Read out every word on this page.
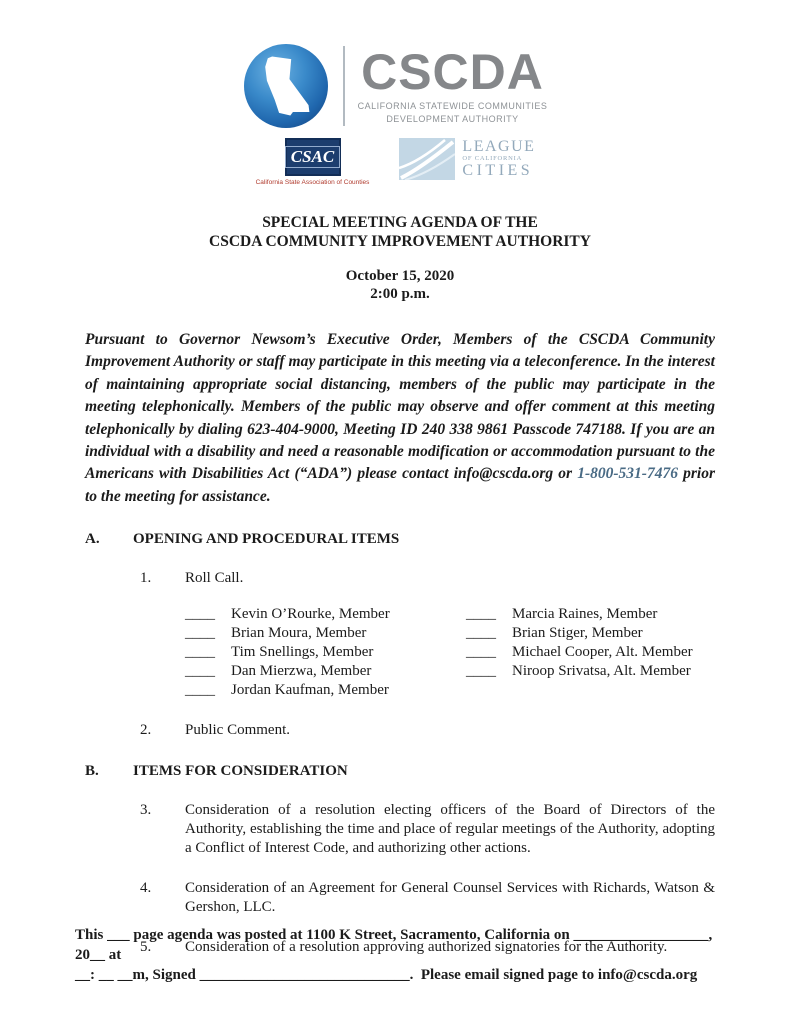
CSCDA
CALIFORNIA STATEWIDE COMMUNITIES
DEVELOPMENT AUTHORITY
CSAC
California State Association of Counties
LEAGUE
OF CALIFORNIA
CITIES
SPECIAL MEETING AGENDA OF THE
CSCDA COMMUNITY IMPROVEMENT AUTHORITY
October 15, 2020
2:00 p.m.
Pursuant to Governor Newsom’s Executive Order, Members of the CSCDA Community Improvement Authority or staff may participate in this meeting via a teleconference. In the interest of maintaining appropriate social distancing, members of the public may participate in the meeting telephonically. Members of the public may observe and offer comment at this meeting telephonically by dialing 623-404-9000, Meeting ID 240 338 9861 Passcode 747188. If you are an individual with a disability and need a reasonable modification or accommodation pursuant to the Americans with Disabilities Act (“ADA”) please contact info@cscda.org or 1-800-531-7476 prior to the meeting for assistance.
A.	OPENING AND PROCEDURAL ITEMS
1.	Roll Call.
____	Kevin O’Rourke, Member
____	Brian Moura, Member
____	Tim Snellings, Member
____	Dan Mierzwa, Member
____	Jordan Kaufman, Member
____	Marcia Raines, Member
____	Brian Stiger, Member
____	Michael Cooper, Alt. Member
____	Niroop Srivatsa, Alt. Member
2.	Public Comment.
B.	ITEMS FOR CONSIDERATION
3.	Consideration of a resolution electing officers of the Board of Directors of the Authority, establishing the time and place of regular meetings of the Authority, adopting a Conflict of Interest Code, and authorizing other actions.
4.	Consideration of an Agreement for General Counsel Services with Richards, Watson & Gershon, LLC.
5.	Consideration of a resolution approving authorized signatories for the Authority.
This ___ page agenda was posted at 1100 K Street, Sacramento, California on __________________, 20__ at
__: __ __m, Signed ____________________________.  Please email signed page to info@cscda.org
